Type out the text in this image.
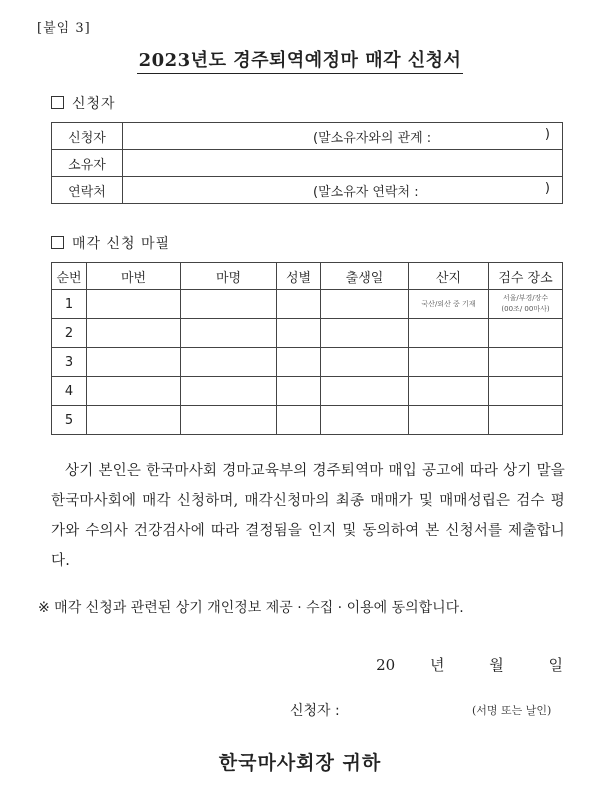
[붙임 3]
2023년도 경주퇴역예정마 매각 신청서
신청자
신청자	(말소유자와의 관계 : )

소유자	
연락처	(말소유자 연락처 : )
매각 신청 마필
순번	마번	마명	성별	출생일	산지	검수 장소
1					국산/외산 중 기재	서울/부경/장수
(00조/ 00마사)

2						
3						
4						
5						

상기 본인은 한국마사회 경마교육부의 경주퇴역마 매입 공고에 따라 상기 말을 한국마사회에 매각 신청하며, 매각신청마의 최종 매매가 및 매매성립은 검수 평가와 수의사 건강검사에 따라 결정됨을 인지 및 동의하여 본 신청서를 제출합니다.

※ 매각 신청과 관련된 상기 개인정보 제공 · 수집 · 이용에 동의합니다.
20 년	월	일
신청자 :	(서명 또는 날인)
한국마사회장 귀하
